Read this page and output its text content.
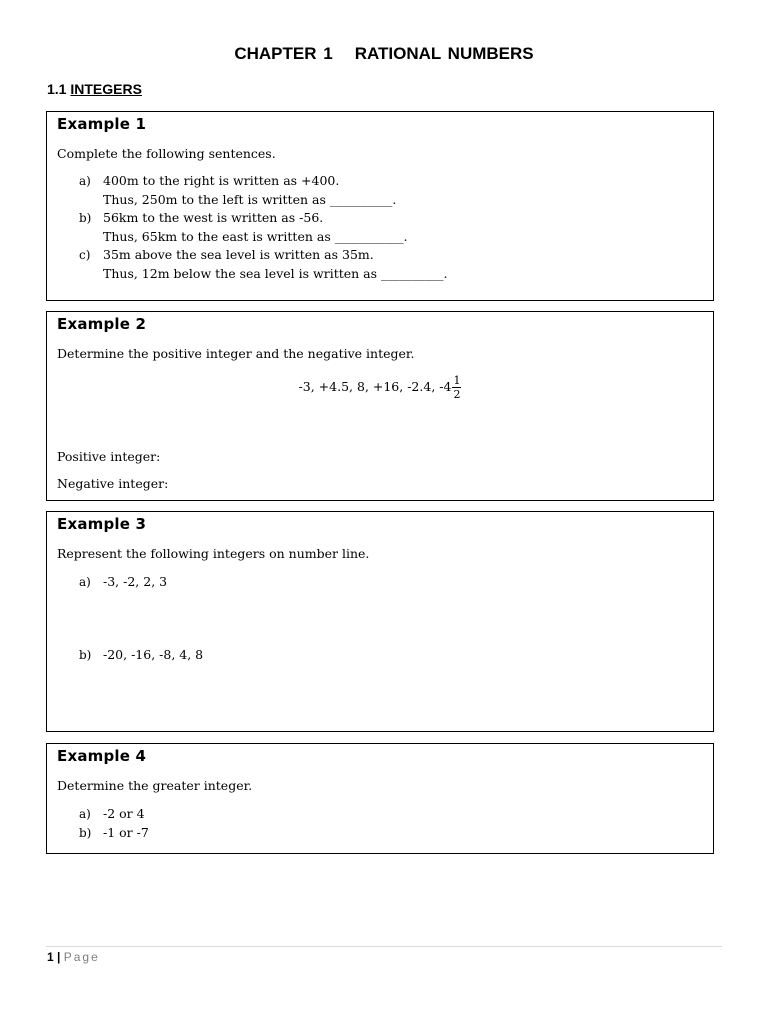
CHAPTER 1 RATIONAL NUMBERS
1.1 INTEGERS
Example 1
Complete the following sentences.
a) 400m to the right is written as +400.
Thus, 250m to the left is written as __________.
b) 56km to the west is written as -56.
Thus, 65km to the east is written as ___________.
c) 35m above the sea level is written as 35m.
Thus, 12m below the sea level is written as __________.
Example 2
Determine the positive integer and the negative integer.
-3, +4.5, 8, +16, -2.4, $-4 \frac{1}{2}$
Positive integer:
Negative integer:
Example 3
Represent the following integers on number line.
a) -3, -2, 2, 3
b) -20, -16, -8, 4, 8
Example 4
Determine the greater integer.
a) -2 or 4
b) -1 or -7
1 | Page
